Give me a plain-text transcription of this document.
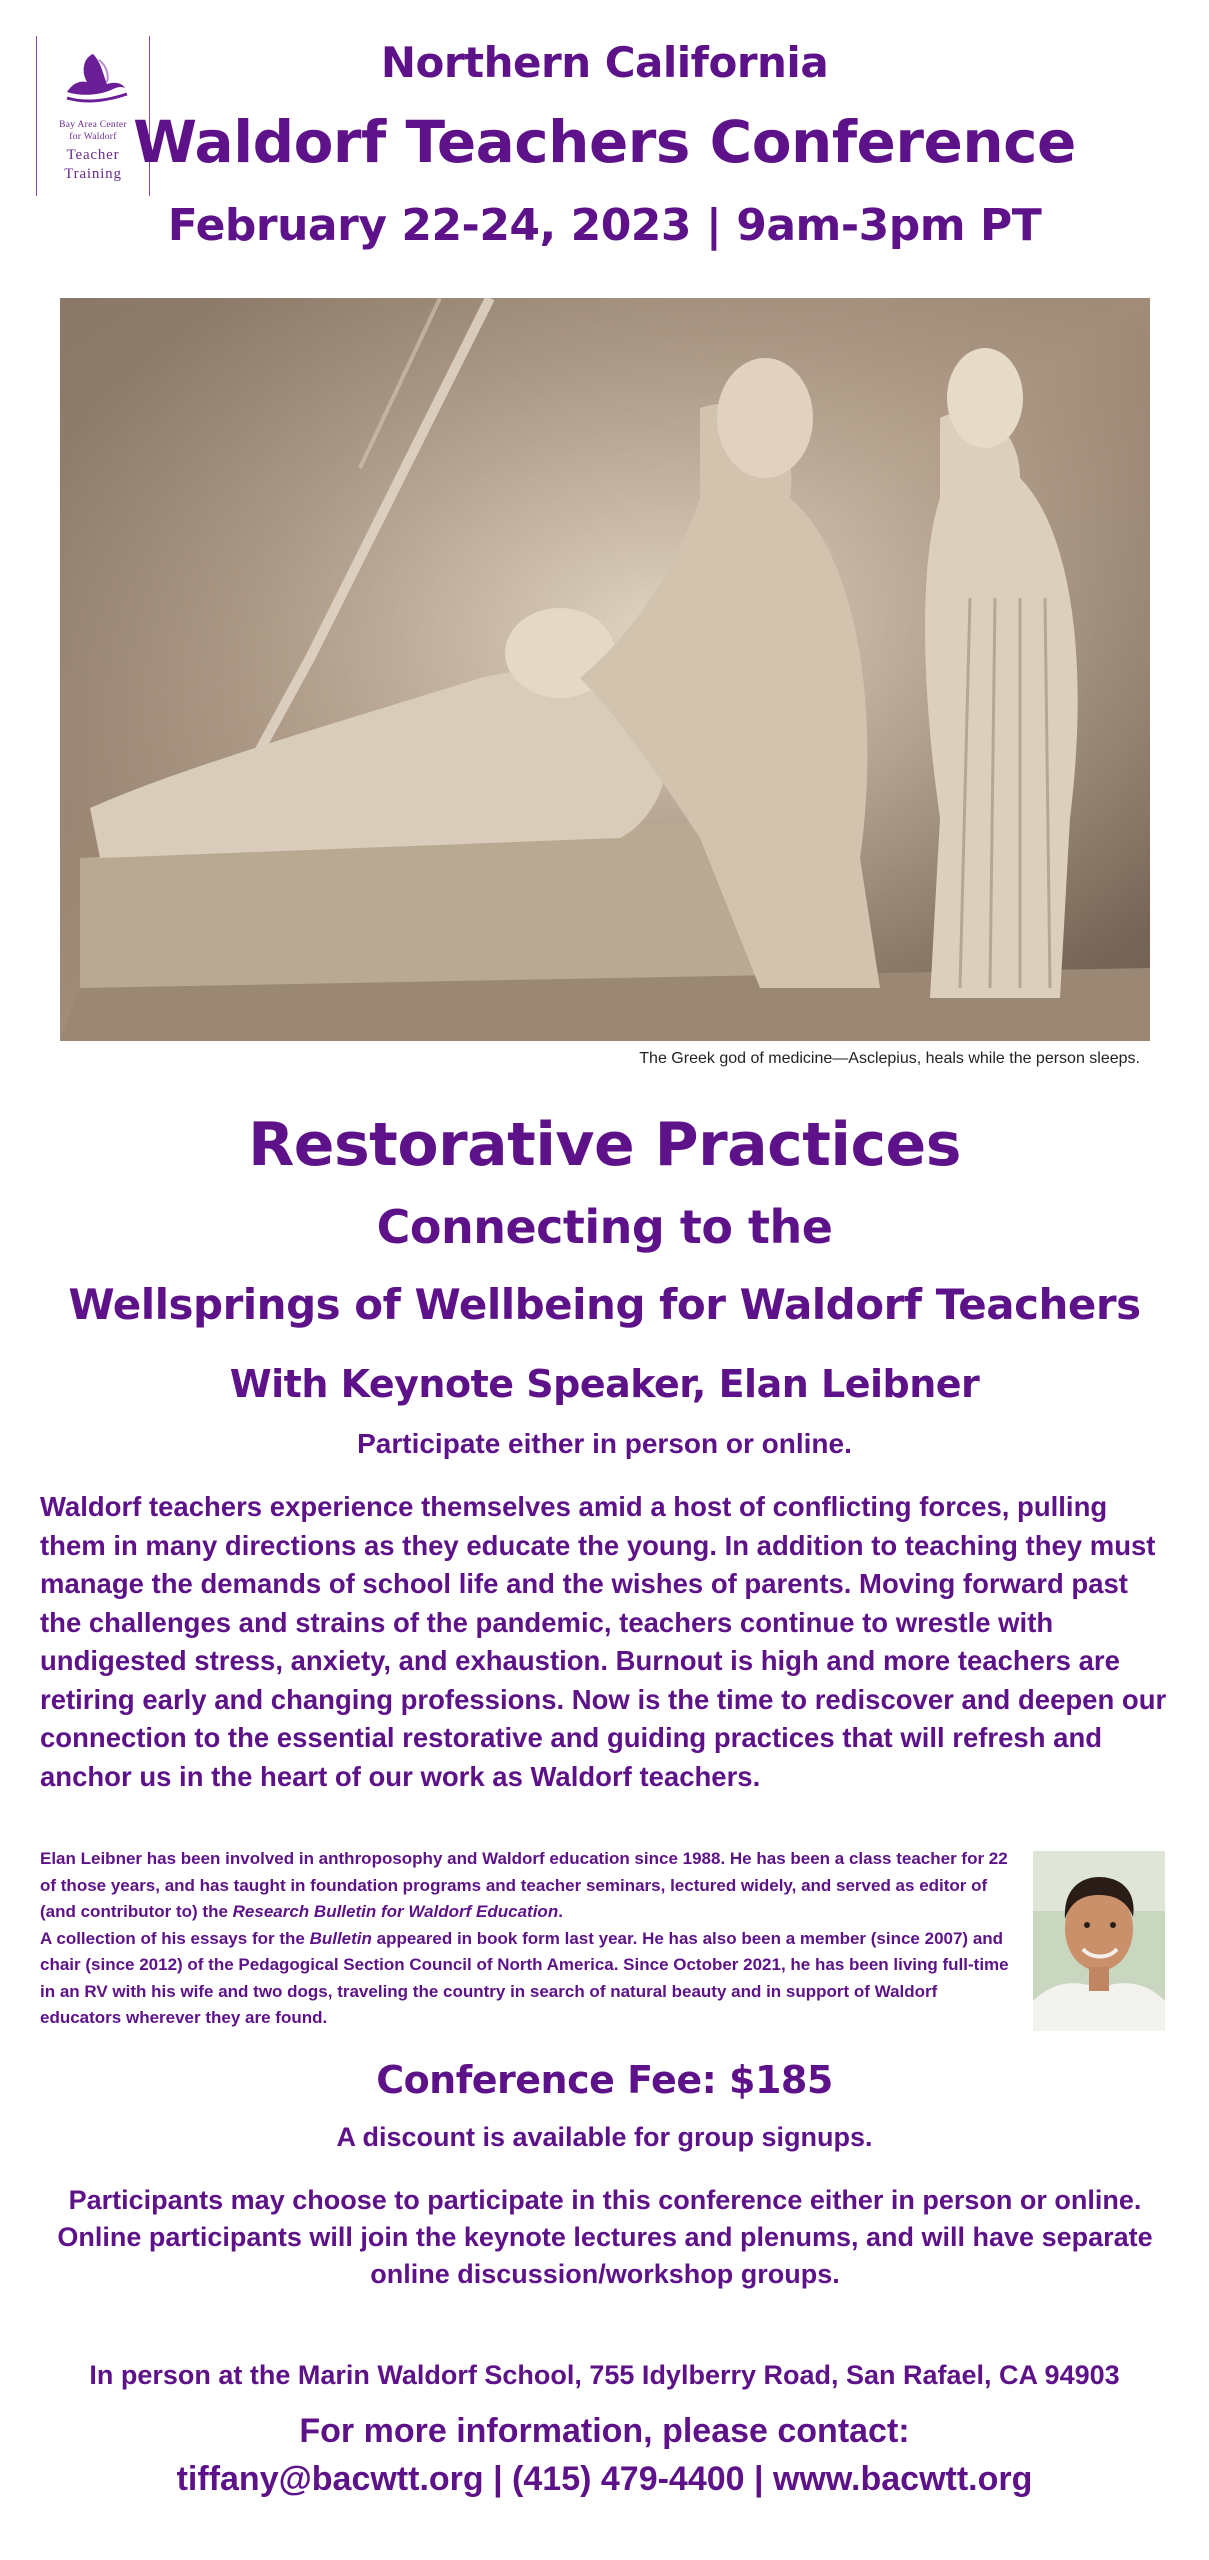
Bay Area Center
for Waldorf
Teacher
Training
Northern California
Waldorf Teachers Conference
February 22-24, 2023 | 9am-3pm PT
The Greek god of medicine—Asclepius, heals while the person sleeps.
Restorative Practices
Connecting to the
Wellsprings of Wellbeing for Waldorf Teachers
With Keynote Speaker, Elan Leibner
Participate either in person or online.
Waldorf teachers experience themselves amid a host of conflicting forces, pulling them in many directions as they educate the young. In addition to teaching they must manage the demands of school life and the wishes of parents. Moving forward past the challenges and strains of the pandemic, teachers continue to wrestle with undigested stress, anxiety, and exhaustion. Burnout is high and more teachers are retiring early and changing professions. Now is the time to rediscover and deepen our connection to the essential restorative and guiding practices that will refresh and anchor us in the heart of our work as Waldorf teachers.
Elan Leibner has been involved in anthroposophy and Waldorf education since 1988. He has been a class teacher for 22 of those years, and has taught in foundation programs and teacher seminars, lectured widely, and served as editor of (and contributor to) the Research Bulletin for Waldorf Education.
A collection of his essays for the Bulletin appeared in book form last year. He has also been a member (since 2007) and chair (since 2012) of the Pedagogical Section Council of North America. Since October 2021, he has been living full-time in an RV with his wife and two dogs, traveling the country in search of natural beauty and in support of Waldorf educators wherever they are found.
Conference Fee: $185
A discount is available for group signups.
Participants may choose to participate in this conference either in person or online. Online participants will join the keynote lectures and plenums, and will have separate online discussion/workshop groups.
In person at the Marin Waldorf School, 755 Idylberry Road, San Rafael, CA 94903
For more information, please contact:
tiffany@bacwtt.org | (415) 479-4400 | www.bacwtt.org
